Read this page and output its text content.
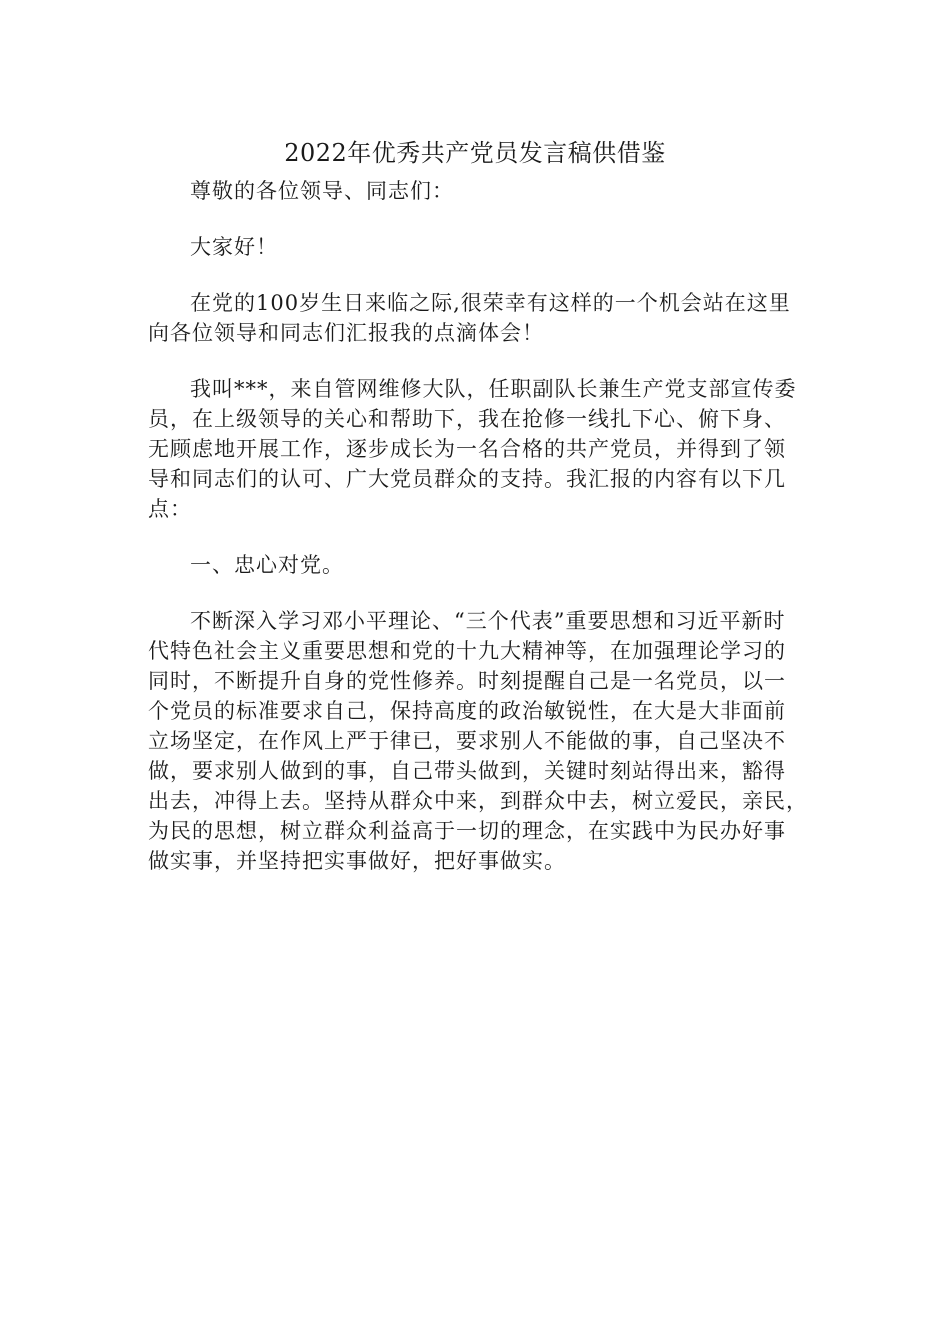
2022年优秀共产党员发言稿供借鉴

尊敬的各位领导、同志们：

大家好！

在党的100岁生日来临之际,很荣幸有这样的一个机会站在这里
向各位领导和同志们汇报我的点滴体会！

我叫***，来自管网维修大队，任职副队长兼生产党支部宣传委
员，在上级领导的关心和帮助下，我在抢修一线扎下心、俯下身、
无顾虑地开展工作，逐步成长为一名合格的共产党员，并得到了领
导和同志们的认可、广大党员群众的支持。我汇报的内容有以下几
点：

一、忠心对党。

不断深入学习邓小平理论、“三个代表”重要思想和习近平新时
代特色社会主义重要思想和党的十九大精神等，在加强理论学习的
同时，不断提升自身的党性修养。时刻提醒自己是一名党员，以一
个党员的标准要求自己，保持高度的政治敏锐性，在大是大非面前
立场坚定，在作风上严于律已，要求别人不能做的事，自己坚决不
做，要求别人做到的事，自己带头做到，关键时刻站得出来，豁得
出去，冲得上去。坚持从群众中来，到群众中去，树立爱民，亲民，
为民的思想，树立群众利益高于一切的理念，在实践中为民办好事
做实事，并坚持把实事做好，把好事做实。
